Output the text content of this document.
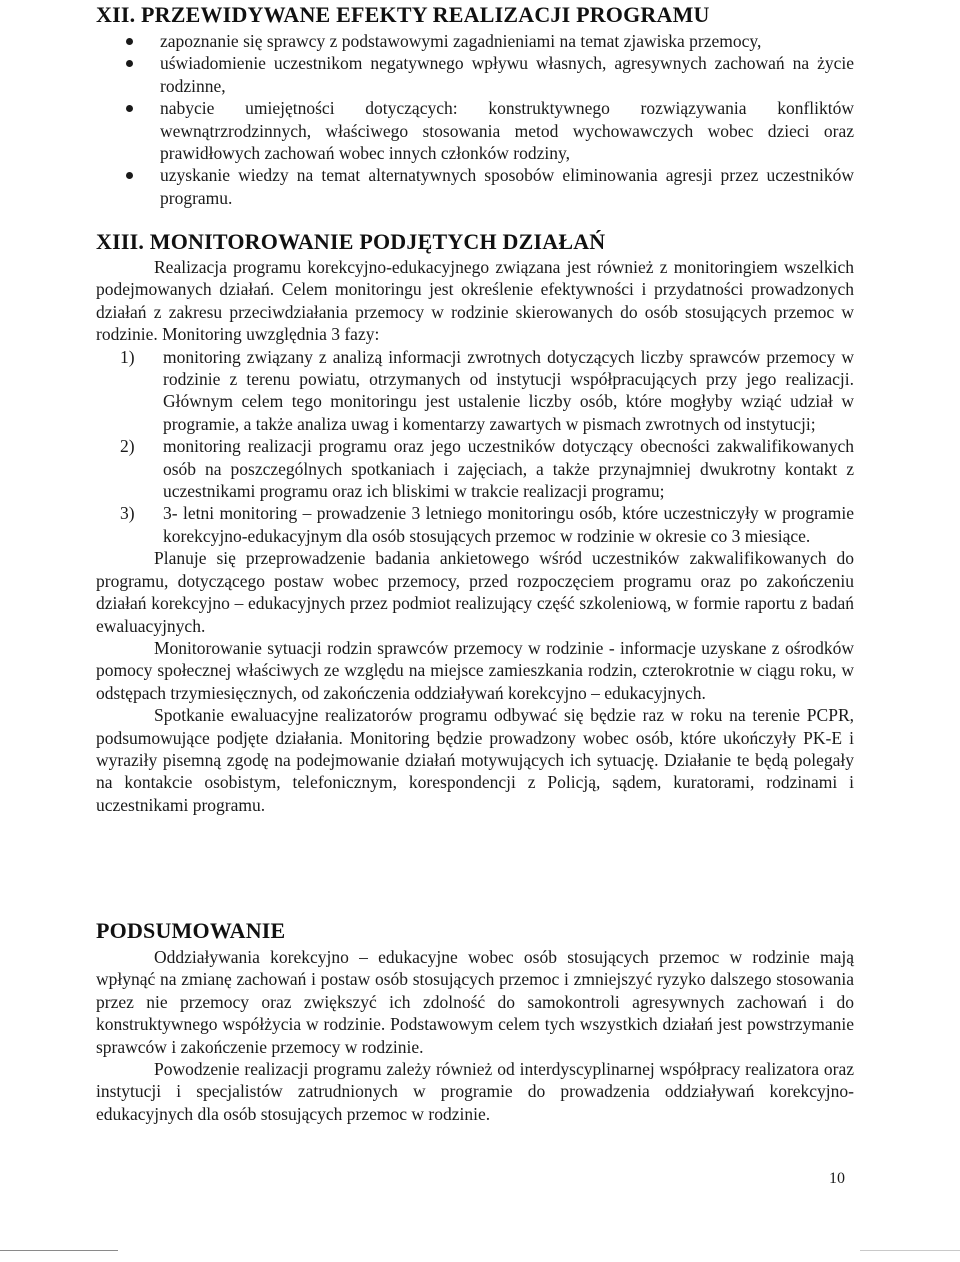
XII. PRZEWIDYWANE EFEKTY REALIZACJI PROGRAMU
zapoznanie się sprawcy z podstawowymi zagadnieniami na temat zjawiska przemocy,
uświadomienie uczestnikom negatywnego wpływu własnych, agresywnych zachowań na życie rodzinne,
nabycie umiejętności dotyczących: konstruktywnego rozwiązywania konfliktów wewnątrzrodzinnych, właściwego stosowania metod wychowawczych wobec dzieci oraz prawidłowych zachowań wobec innych członków rodziny,
uzyskanie wiedzy na temat alternatywnych sposobów eliminowania agresji przez uczestników programu.
XIII. MONITOROWANIE PODJĘTYCH DZIAŁAŃ

Realizacja programu korekcyjno-edukacyjnego związana jest również z monitoringiem wszelkich podejmowanych działań. Celem monitoringu jest określenie efektywności i przydatności prowadzonych działań z zakresu przeciwdziałania przemocy w rodzinie skierowanych do osób stosujących przemoc w rodzinie. Monitoring uwzględnia 3 fazy:

1) monitoring związany z analizą informacji zwrotnych dotyczących liczby sprawców przemocy w rodzinie z terenu powiatu, otrzymanych od instytucji współpracujących przy jego realizacji. Głównym celem tego monitoringu jest ustalenie liczby osób, które mogłyby wziąć udział w programie, a także analiza uwag i komentarzy zawartych w pismach zwrotnych od instytucji;
2) monitoring realizacji programu oraz jego uczestników dotyczący obecności zakwalifikowanych osób na poszczególnych spotkaniach i zajęciach, a także przynajmniej dwukrotny kontakt z uczestnikami programu oraz ich bliskimi w trakcie realizacji programu;
3) 3- letni monitoring – prowadzenie 3 letniego monitoringu osób, które uczestniczyły w programie korekcyjno-edukacyjnym dla osób stosujących przemoc w rodzinie w okresie co 3 miesiące.

Planuje się przeprowadzenie badania ankietowego wśród uczestników zakwalifikowanych do programu, dotyczącego postaw wobec przemocy, przed rozpoczęciem programu oraz po zakończeniu działań korekcyjno – edukacyjnych przez podmiot realizujący część szkoleniową, w formie raportu z badań ewaluacyjnych.

Monitorowanie sytuacji rodzin sprawców przemocy w rodzinie - informacje uzyskane z ośrodków pomocy społecznej właściwych ze względu na miejsce zamieszkania rodzin, czterokrotnie w ciągu roku, w odstępach trzymiesięcznych, od zakończenia oddziaływań korekcyjno – edukacyjnych.

Spotkanie ewaluacyjne realizatorów programu odbywać się będzie raz w roku na terenie PCPR, podsumowujące podjęte działania. Monitoring będzie prowadzony wobec osób, które ukończyły PK-E i wyraziły pisemną zgodę na podejmowanie działań motywujących ich sytuację. Działanie te będą polegały na kontakcie osobistym, telefonicznym, korespondencji z Policją, sądem, kuratorami, rodzinami i uczestnikami programu.

PODSUMOWANIE

Oddziaływania korekcyjno – edukacyjne wobec osób stosujących przemoc w rodzinie mają wpłynąć na zmianę zachowań i postaw osób stosujących przemoc i zmniejszyć ryzyko dalszego stosowania przez nie przemocy oraz zwiększyć ich zdolność do samokontroli agresywnych zachowań i do konstruktywnego współżycia w rodzinie. Podstawowym celem tych wszystkich działań jest powstrzymanie sprawców i zakończenie przemocy w rodzinie.

Powodzenie realizacji programu zależy również od interdyscyplinarnej współpracy realizatora oraz instytucji i specjalistów zatrudnionych w programie do prowadzenia oddziaływań korekcyjno-edukacyjnych dla osób stosujących przemoc w rodzinie.

10
